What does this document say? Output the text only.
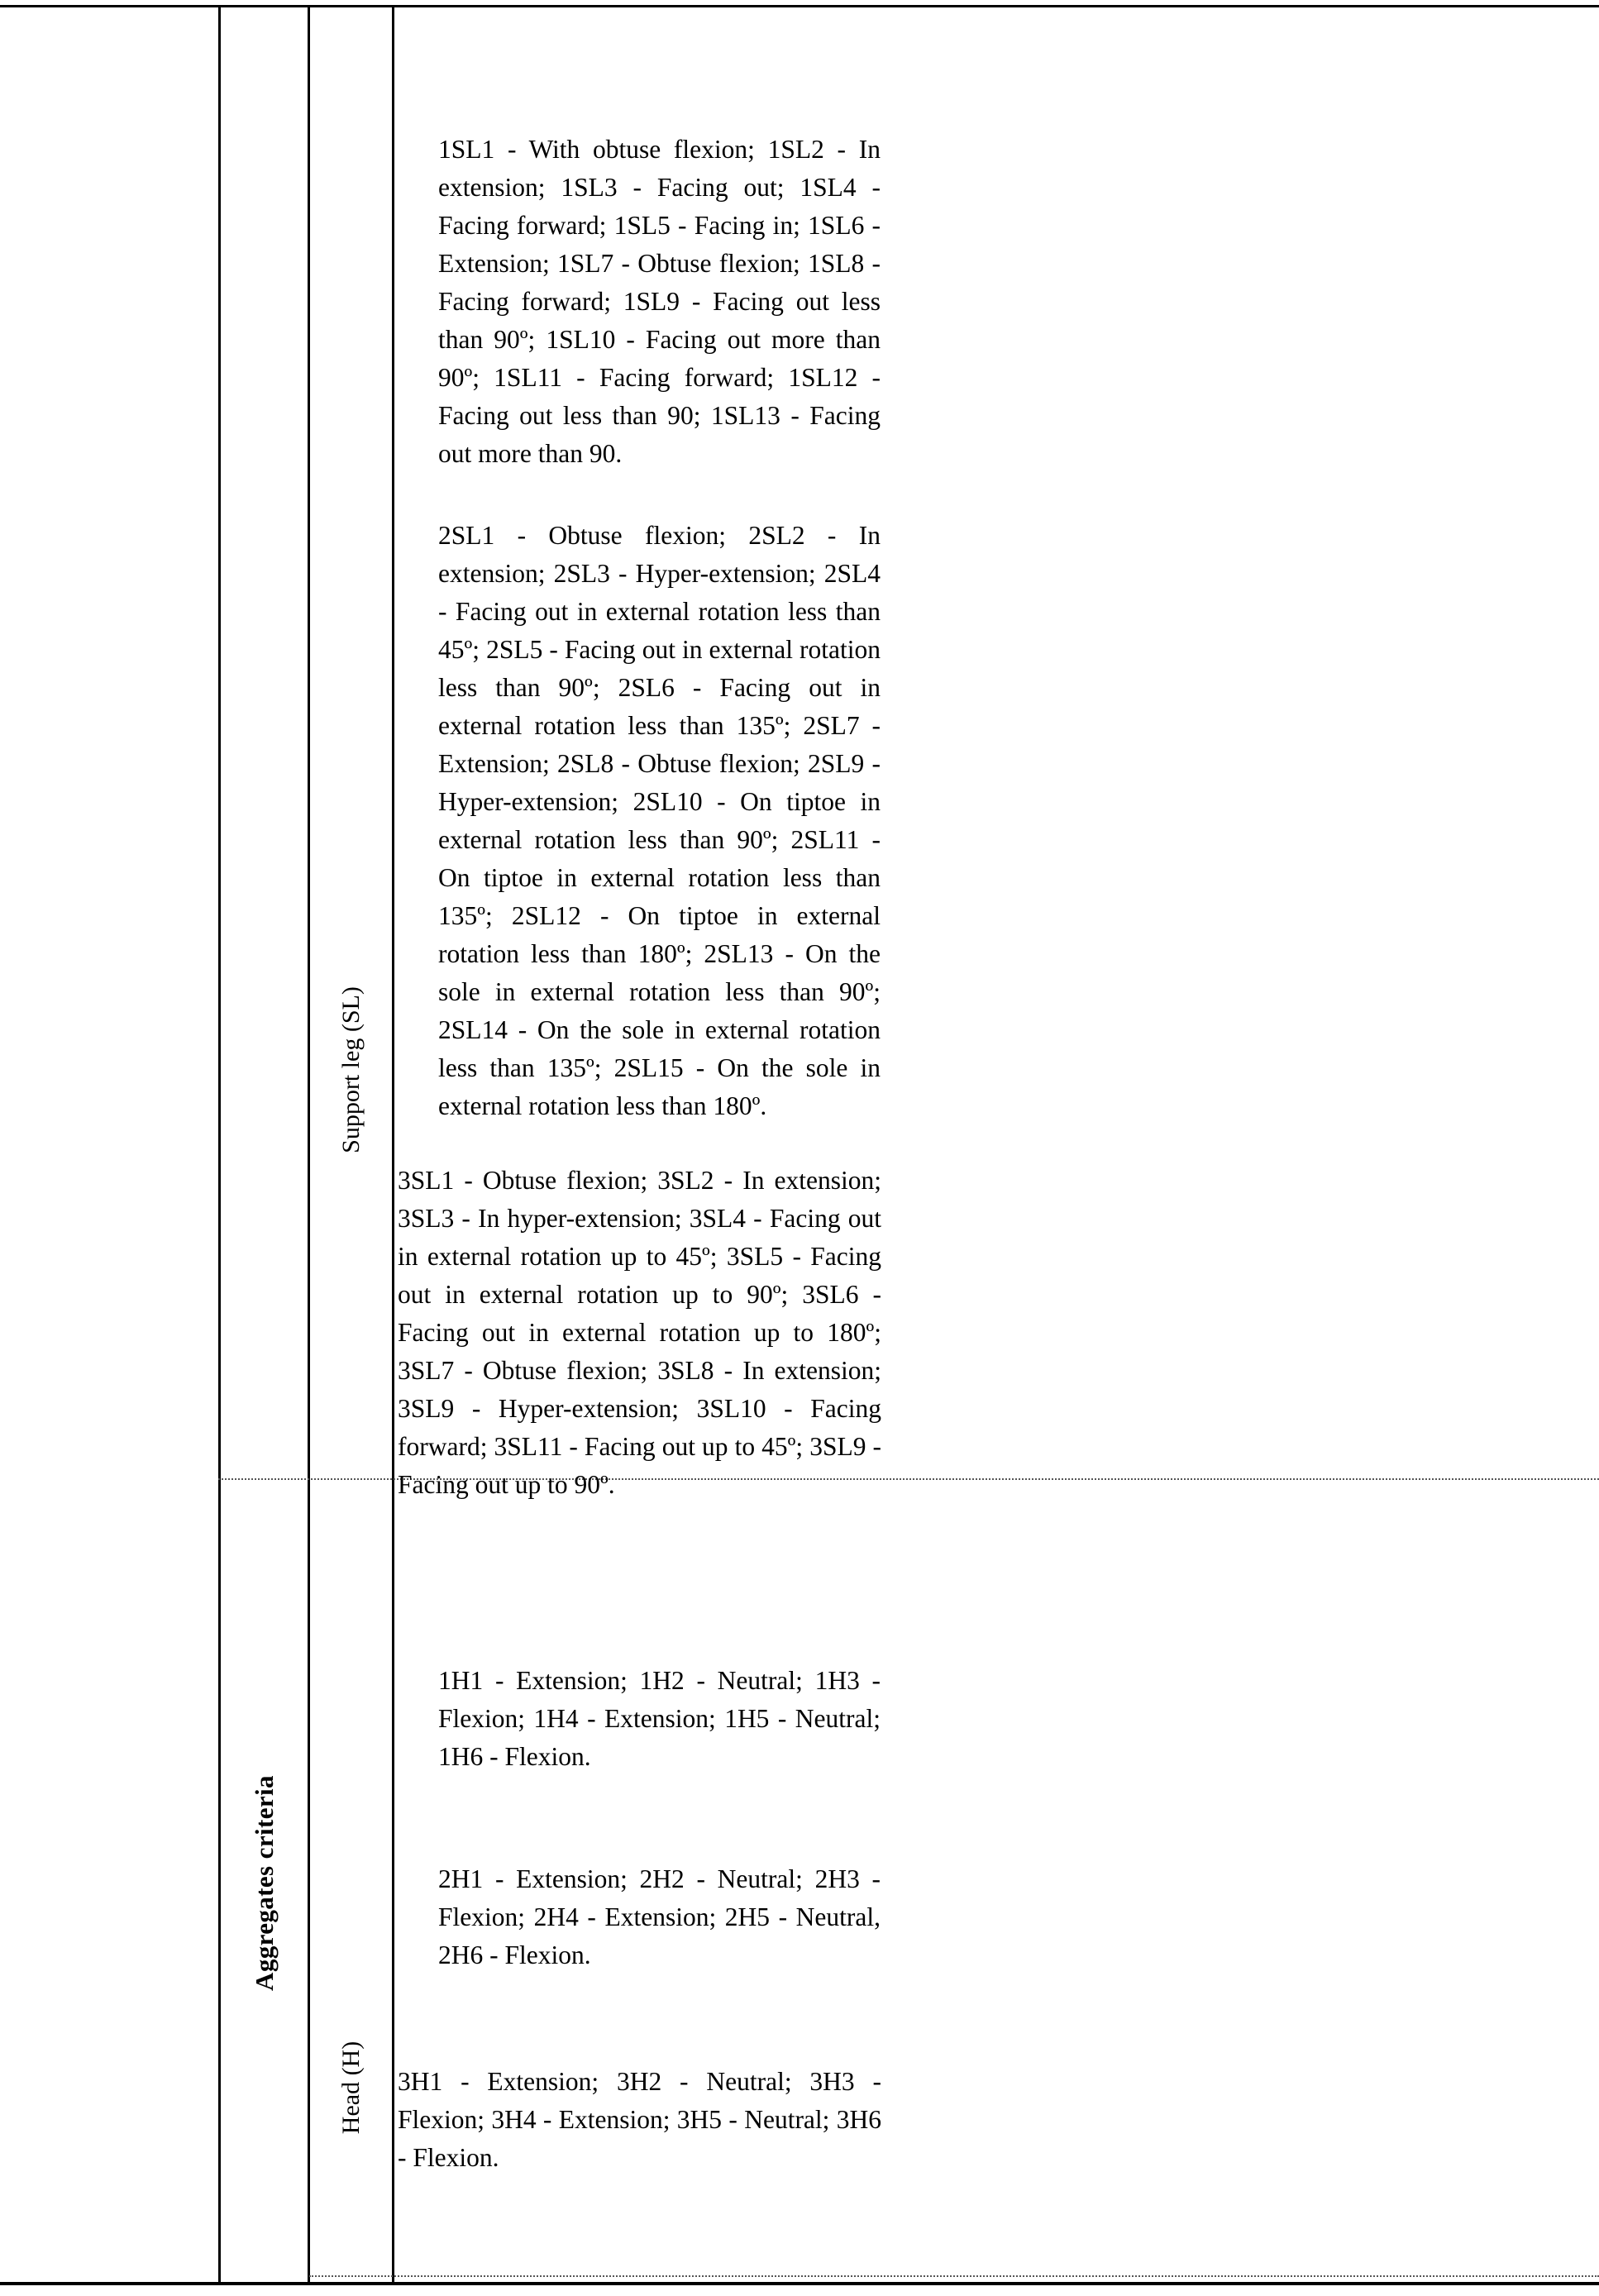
Aggregates criteria
Support leg (SL)
Head (H)
1SL1 - With obtuse flexion; 1SL2 - In extension; 1SL3 - Facing out; 1SL4 - Facing forward; 1SL5 - Facing in; 1SL6 - Extension; 1SL7 - Obtuse flexion; 1SL8 - Facing forward; 1SL9 - Facing out less than 90º; 1SL10 - Facing out more than 90º; 1SL11 - Facing forward; 1SL12 - Facing out less than 90; 1SL13 - Facing out more than 90.
2SL1 - Obtuse flexion; 2SL2 - In extension; 2SL3 - Hyper-extension; 2SL4 - Facing out in external rotation less than 45º; 2SL5 - Facing out in external rotation less than 90º; 2SL6 - Facing out in external rotation less than 135º; 2SL7 - Extension; 2SL8 - Obtuse flexion; 2SL9 - Hyper-extension; 2SL10 - On tiptoe in external rotation less than 90º; 2SL11 - On tiptoe in external rotation less than 135º; 2SL12 - On tiptoe in external rotation less than 180º; 2SL13 - On the sole in external rotation less than 90º; 2SL14 - On the sole in external rotation less than 135º; 2SL15 - On the sole in external rotation less than 180º.
3SL1 - Obtuse flexion; 3SL2 - In extension; 3SL3 - In hyper-extension; 3SL4 - Facing out in external rotation up to 45º; 3SL5 - Facing out in external rotation up to 90º; 3SL6 - Facing out in external rotation up to 180º; 3SL7 - Obtuse flexion; 3SL8 - In extension; 3SL9 - Hyper-extension; 3SL10 - Facing forward; 3SL11 - Facing out up to 45º; 3SL9 - Facing out up to 90º.
1H1 - Extension; 1H2 - Neutral; 1H3 - Flexion; 1H4 - Extension; 1H5 - Neutral; 1H6 - Flexion.
2H1 - Extension; 2H2 - Neutral; 2H3 - Flexion; 2H4 - Extension; 2H5 - Neutral, 2H6 - Flexion.
3H1 - Extension; 3H2 - Neutral; 3H3 - Flexion; 3H4 - Extension; 3H5 - Neutral; 3H6 - Flexion.
